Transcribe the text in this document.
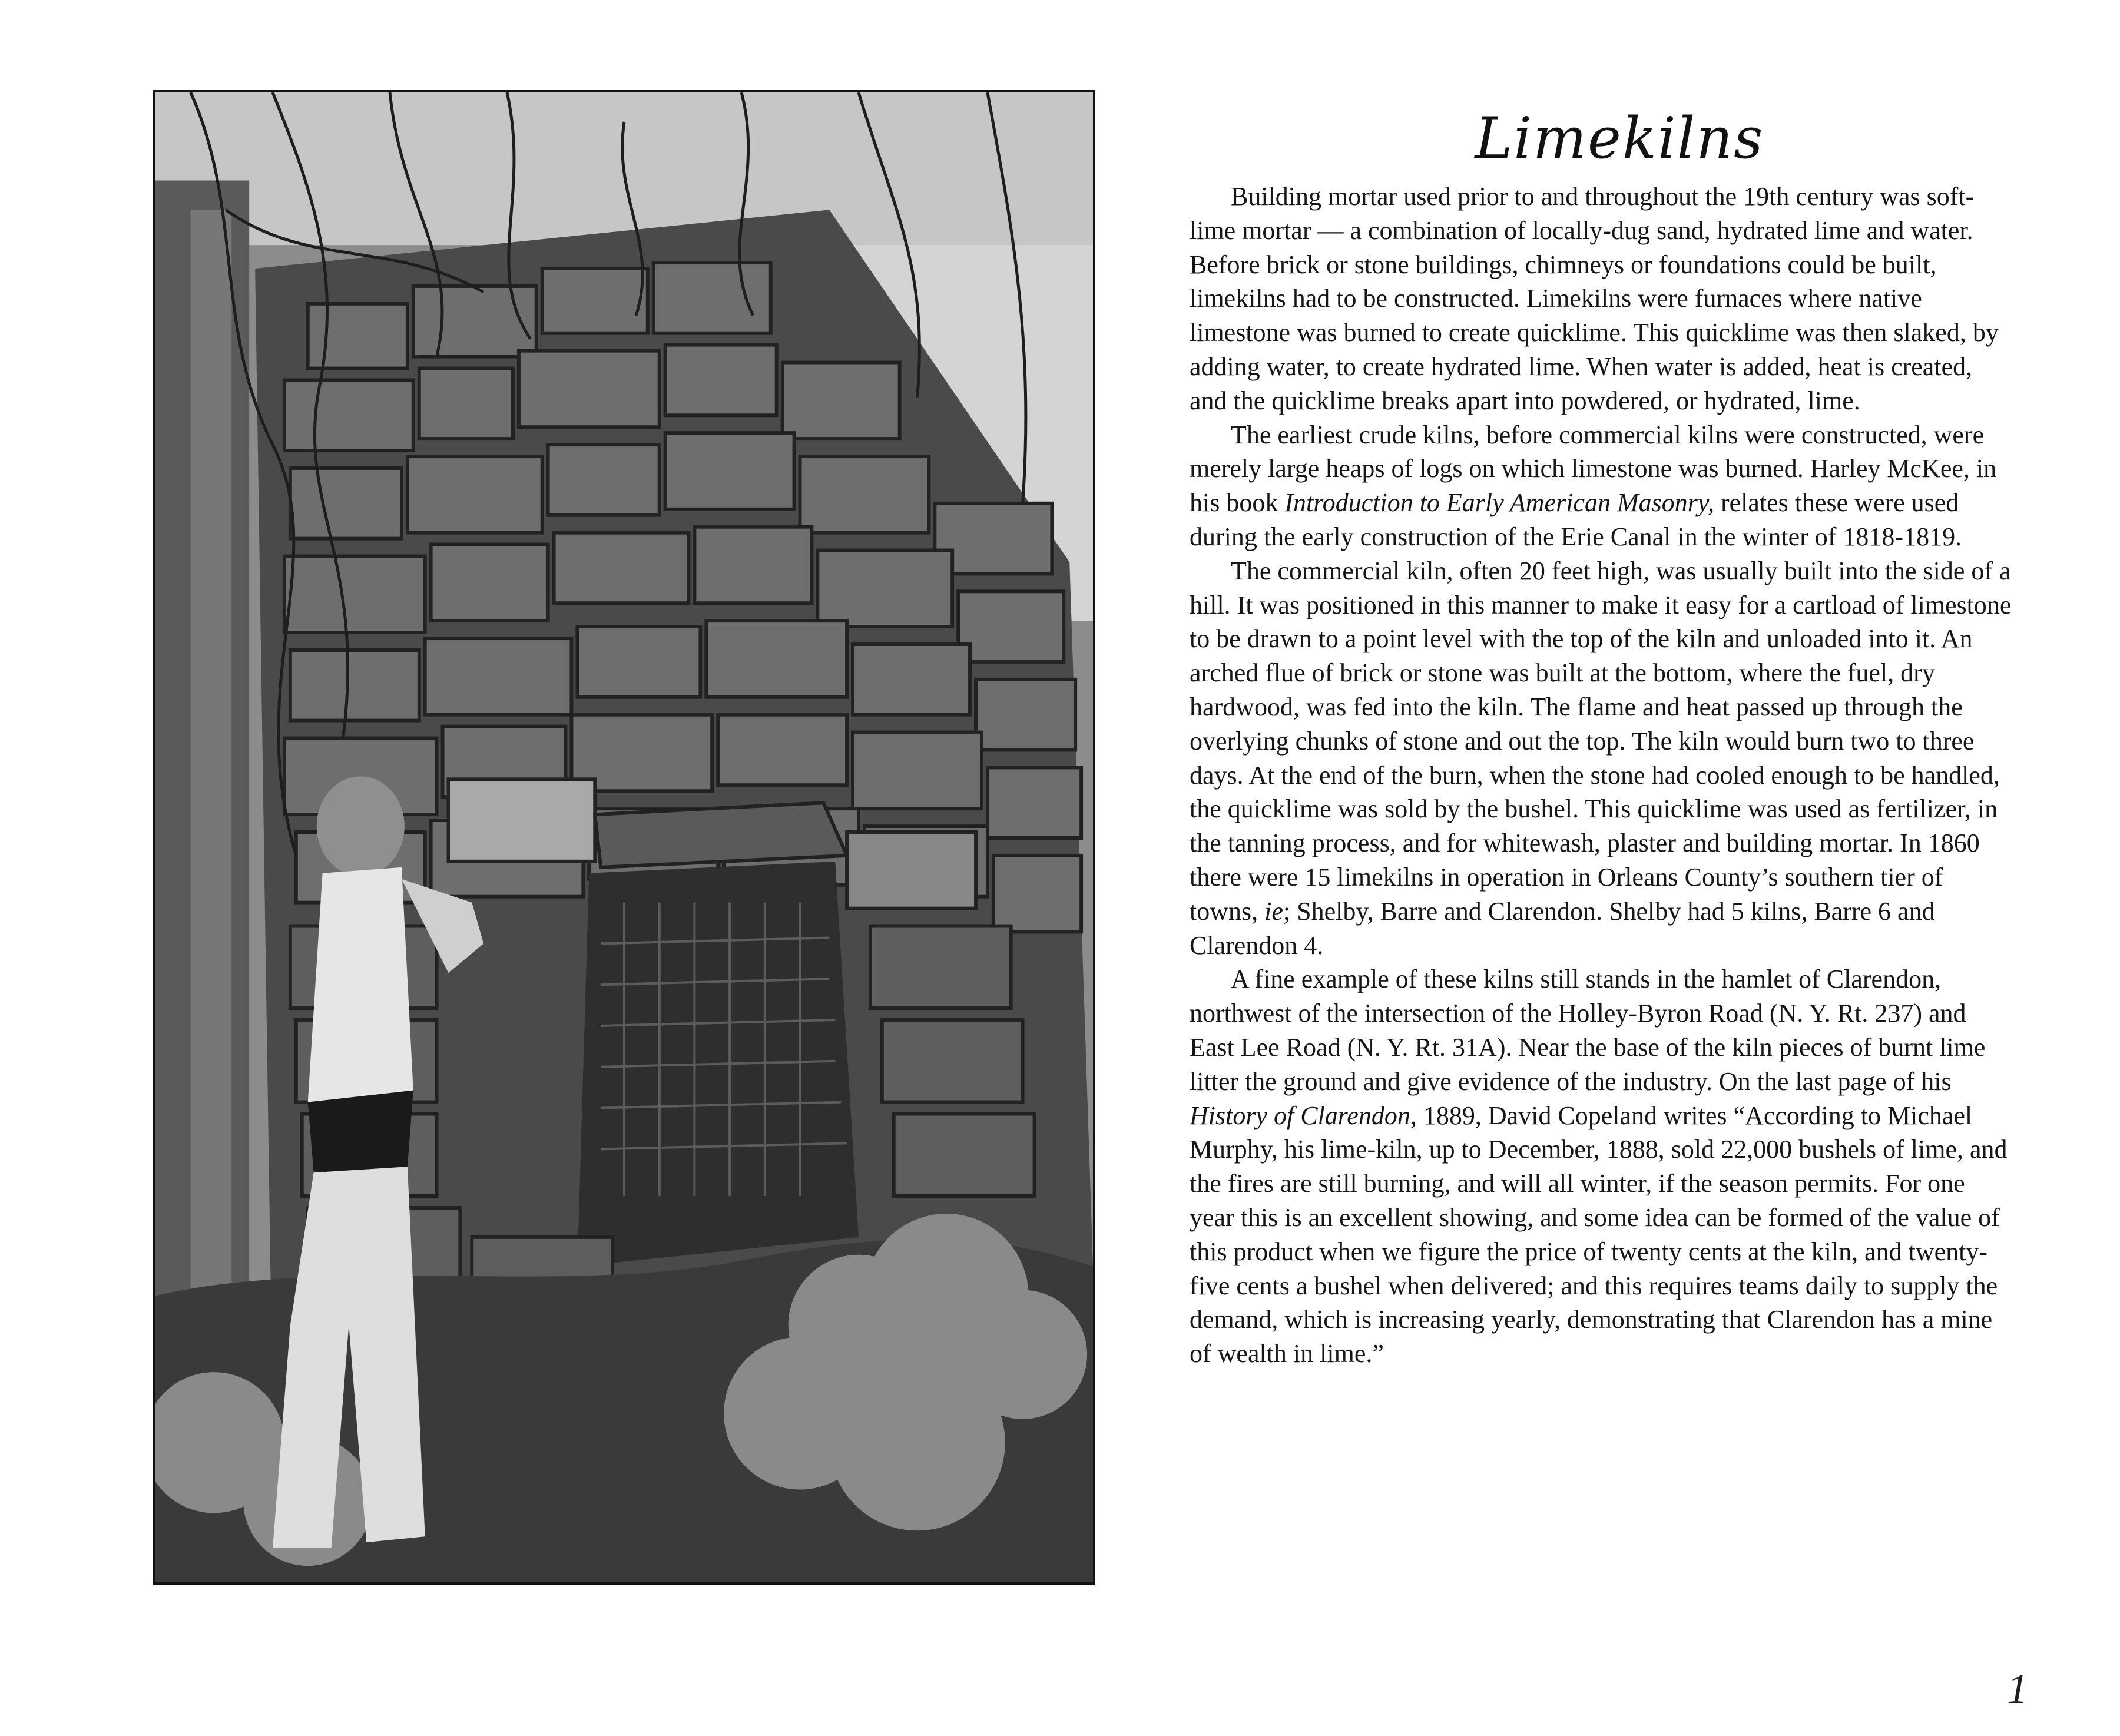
Limekilns

Building mortar used prior to and throughout the 19th century was soft-lime mortar — a combination of locally-dug sand, hydrated lime and water. Before brick or stone buildings, chimneys or foundations could be built, limekilns had to be constructed. Limekilns were furnaces where native limestone was burned to create quicklime. This quicklime was then slaked, by adding water, to create hydrated lime. When water is added, heat is created, and the quicklime breaks apart into powdered, or hydrated, lime.

The earliest crude kilns, before commercial kilns were constructed, were merely large heaps of logs on which limestone was burned. Harley McKee, in his book Introduction to Early American Masonry, relates these were used during the early construction of the Erie Canal in the winter of 1818-1819.

The commercial kiln, often 20 feet high, was usually built into the side of a hill. It was positioned in this manner to make it easy for a cartload of limestone to be drawn to a point level with the top of the kiln and unloaded into it. An arched flue of brick or stone was built at the bottom, where the fuel, dry hardwood, was fed into the kiln. The flame and heat passed up through the overlying chunks of stone and out the top. The kiln would burn two to three days. At the end of the burn, when the stone had cooled enough to be handled, the quicklime was sold by the bushel. This quicklime was used as fertilizer, in the tanning process, and for whitewash, plaster and building mortar. In 1860 there were 15 limekilns in operation in Orleans County’s southern tier of towns, ie; Shelby, Barre and Clarendon. Shelby had 5 kilns, Barre 6 and Clarendon 4.

A fine example of these kilns still stands in the hamlet of Clarendon, northwest of the intersection of the Holley-Byron Road (N. Y. Rt. 237) and East Lee Road (N. Y. Rt. 31A). Near the base of the kiln pieces of burnt lime litter the ground and give evidence of the industry. On the last page of his History of Clarendon, 1889, David Copeland writes “According to Michael Murphy, his lime-kiln, up to December, 1888, sold 22,000 bushels of lime, and the fires are still burning, and will all winter, if the season permits. For one year this is an excellent showing, and some idea can be formed of the value of this product when we figure the price of twenty cents at the kiln, and twenty-five cents a bushel when delivered; and this requires teams daily to supply the demand, which is increasing yearly, demonstrating that Clarendon has a mine of wealth in lime.”

1
